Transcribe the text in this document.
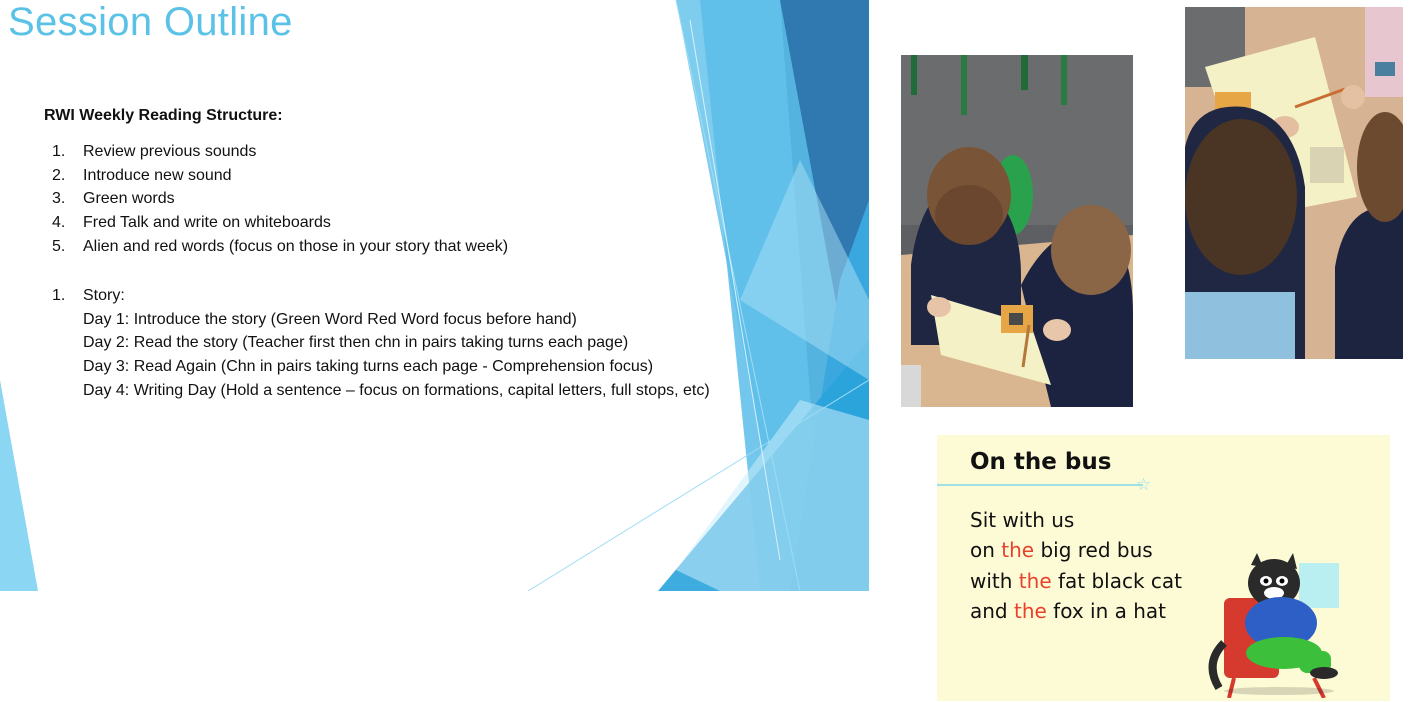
Session Outline
RWI Weekly Reading Structure:
1.	Review previous sounds
2.	Introduce new sound
3.	Green words
4.	Fred Talk and write on whiteboards
5.	Alien and red words (focus on those in your story that week)
1.	Story:
Day 1: Introduce the story (Green Word Red Word focus before hand)
Day 2: Read the story (Teacher first then chn in pairs taking turns each page)
Day 3: Read Again (Chn in pairs taking turns each page - Comprehension focus)
Day 4: Writing Day (Hold a sentence – focus on formations, capital letters, full stops, etc)
On the bus
☆
Sit with us
on the big red bus
with the fat black cat
and the fox in a hat
